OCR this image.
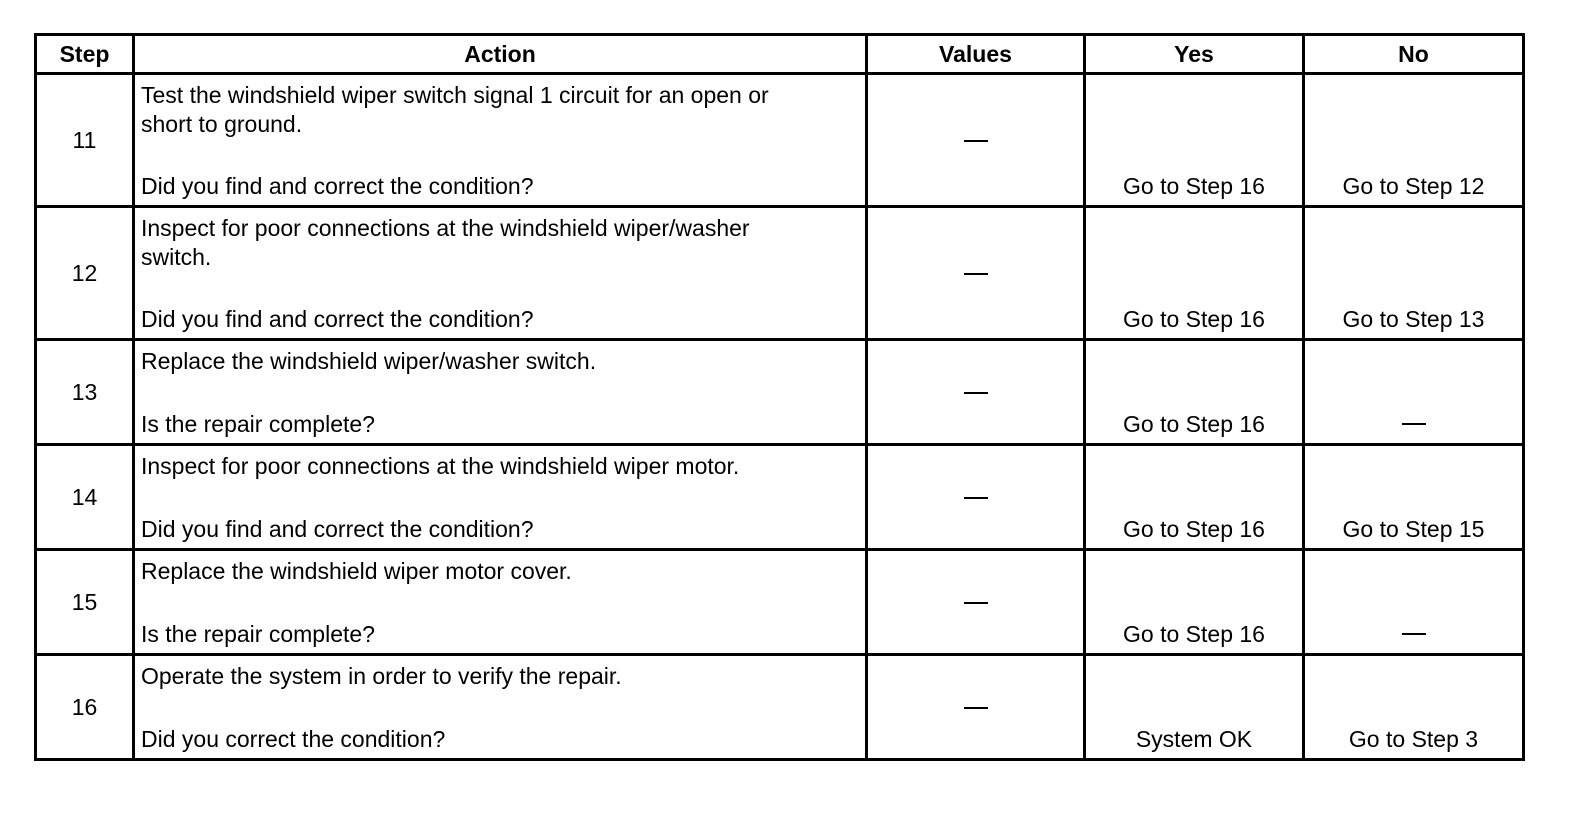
Step	Action	Values	Yes	No
11	Test the windshield wiper switch signal 1 circuit for an open or short to ground.
Did you find and correct the condition?		Go to Step 16	Go to Step 12

12	Inspect for poor connections at the windshield wiper/washer switch.
Did you find and correct the condition?		Go to Step 16	Go to Step 13

13	Replace the windshield wiper/washer switch.
Is the repair complete?		Go to Step 16	

14	Inspect for poor connections at the windshield wiper motor.
Did you find and correct the condition?		Go to Step 16	Go to Step 15

15	Replace the windshield wiper motor cover.
Is the repair complete?		Go to Step 16	

16	Operate the system in order to verify the repair.
Did you correct the condition?		System OK	Go to Step 3
